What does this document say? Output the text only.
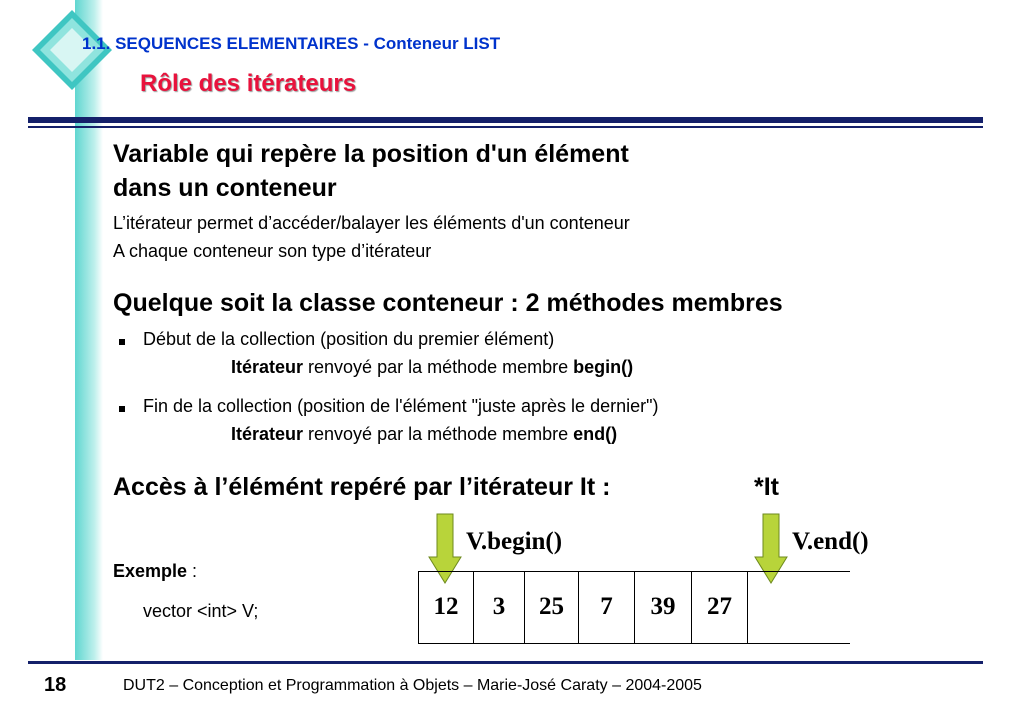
1.1. SEQUENCES ELEMENTAIRES - Conteneur LIST
Rôle des itérateurs
Variable qui repère la position d'un élément
dans un conteneur
L’itérateur permet d’accéder/balayer les éléments d'un conteneur
A chaque conteneur son type d’itérateur
Quelque soit la classe conteneur : 2 méthodes membres
Début de la collection (position du premier élément)
Itérateur renvoyé par la méthode membre begin()
Fin de la collection (position de l'élément "juste après le dernier")
Itérateur renvoyé par la méthode membre end()
Accès à l’élémént repéré par l’itérateur It :	*It
Exemple :
vector <int> V;
V.begin()	V.end()
12	3	25	7	39	27
18	DUT2 – Conception et Programmation à Objets – Marie-José Caraty – 2004-2005
